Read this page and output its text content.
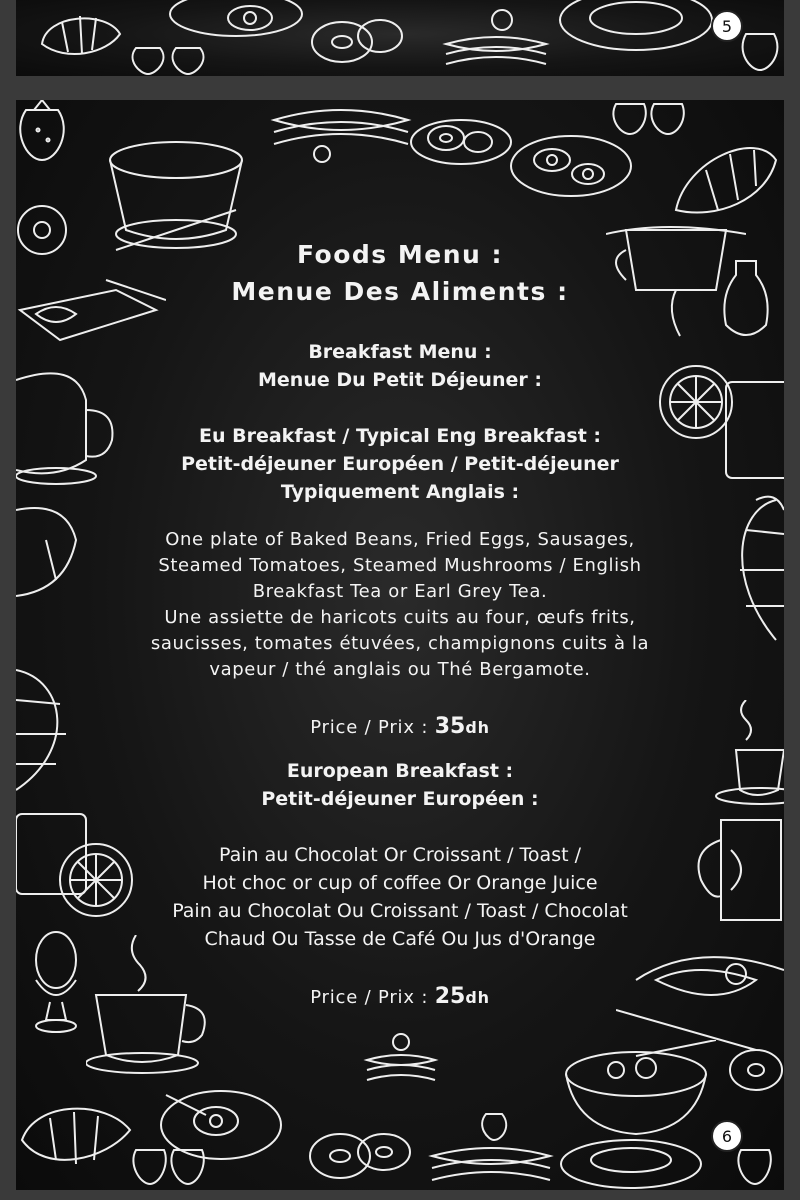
5
Foods Menu :
Menue Des Aliments :
Breakfast Menu :
Menue Du Petit Déjeuner :
Eu Breakfast / Typical Eng Breakfast :
Petit-déjeuner Européen / Petit-déjeuner
Typiquement Anglais :
One plate of Baked Beans, Fried Eggs, Sausages,
Steamed Tomatoes, Steamed Mushrooms / English
Breakfast Tea or Earl Grey Tea.
Une assiette de haricots cuits au four, œufs frits,
saucisses, tomates étuvées, champignons cuits à la
vapeur / thé anglais ou Thé Bergamote.
Price / Prix : 35dh
European Breakfast :
Petit-déjeuner Européen :
Pain au Chocolat Or Croissant / Toast /
Hot choc or cup of coffee Or Orange Juice
Pain au Chocolat Ou Croissant / Toast / Chocolat
Chaud Ou Tasse de Café Ou Jus d'Orange
Price / Prix : 25dh
6
